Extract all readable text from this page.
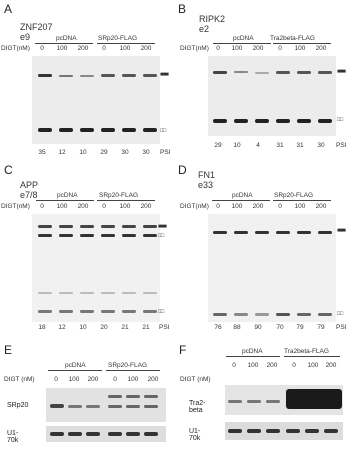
A
ZNF207 e9	pcDNA	SRp20-FLAG
DIGT(nM)	0	100	200	0	100	200
■■■
□□
35	12	10	29	30	30	PSI
B
RIPK2 e2
pcDNA	Tra2beta-FLAG
DIGT(nM)	0	100	200	0	100	200
■■■
□□
29	10	4	31	31	30	PSI
C
APP e7/8	pcDNA	SRp20-FLAG
DIGT(nM)	0	100	200	0	100	200
■■■
□□
□□
18	12	10	20	21	21	PSI
D FN1 e33
pcDNA	SRp20-FLAG
DIGT(nM)	0	100	200	0	100	200
■■■
□□
76	88	90	70	79	79	PSI
E
pcDNA	SRp20-FLAG
DIGT (nM)	0	100	200	0	100	200
SRp20
U1-70k
F	pcDNA	Tra2beta-FLAG
DIGT (nM)
0	100	200	0	100	200
Tra2-beta
U1-70k
